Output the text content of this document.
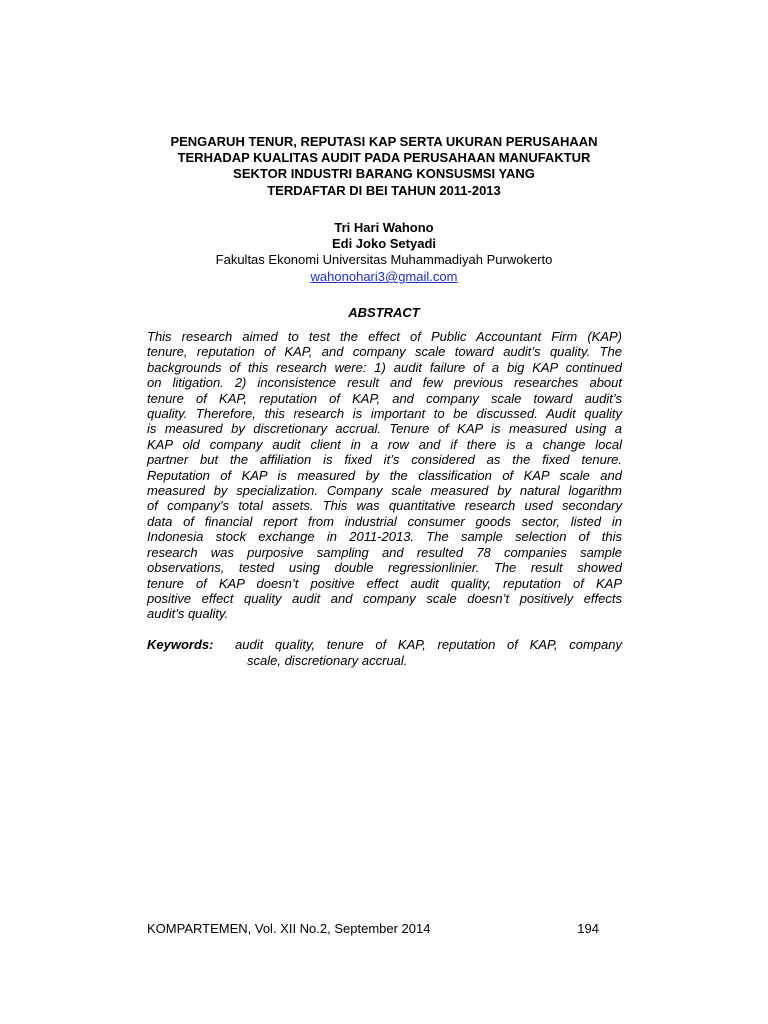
PENGARUH TENUR, REPUTASI KAP SERTA UKURAN PERUSAHAAN
TERHADAP KUALITAS AUDIT PADA PERUSAHAAN MANUFAKTUR
SEKTOR INDUSTRI BARANG KONSUSMSI YANG
TERDAFTAR DI BEI TAHUN 2011-2013
Tri Hari Wahono
Edi Joko Setyadi
Fakultas Ekonomi Universitas Muhammadiyah Purwokerto
wahonohari3@gmail.com
ABSTRACT
This research aimed to test the effect of Public Accountant Firm (KAP)
tenure, reputation of KAP, and company scale toward audit’s quality. The
backgrounds of this research were: 1) audit failure of a big KAP continued
on litigation. 2) inconsistence result and few previous researches about
tenure of KAP, reputation of KAP, and company scale toward audit’s
quality. Therefore, this research is important to be discussed. Audit quality
is measured by discretionary accrual. Tenure of KAP is measured using a
KAP old company audit client in a row and if there is a change local
partner but the affiliation is fixed it’s considered as the fixed tenure.
Reputation of KAP is measured by the classification of KAP scale and
measured by specialization. Company scale measured by natural logarithm
of company’s total assets. This was quantitative research used secondary
data of financial report from industrial consumer goods sector, listed in
Indonesia stock exchange in 2011-2013. The sample selection of this
research was purposive sampling and resulted 78 companies sample
observations, tested using double regressionlinier. The result showed
tenure of KAP doesn’t positive effect audit quality, reputation of KAP
positive effect quality audit and company scale doesn’t positively effects
audit’s quality.
Keywords:	audit quality, tenure of KAP, reputation of KAP, company
scale, discretionary accrual.
KOMPARTEMEN, Vol. XII No.2, September 2014	194
